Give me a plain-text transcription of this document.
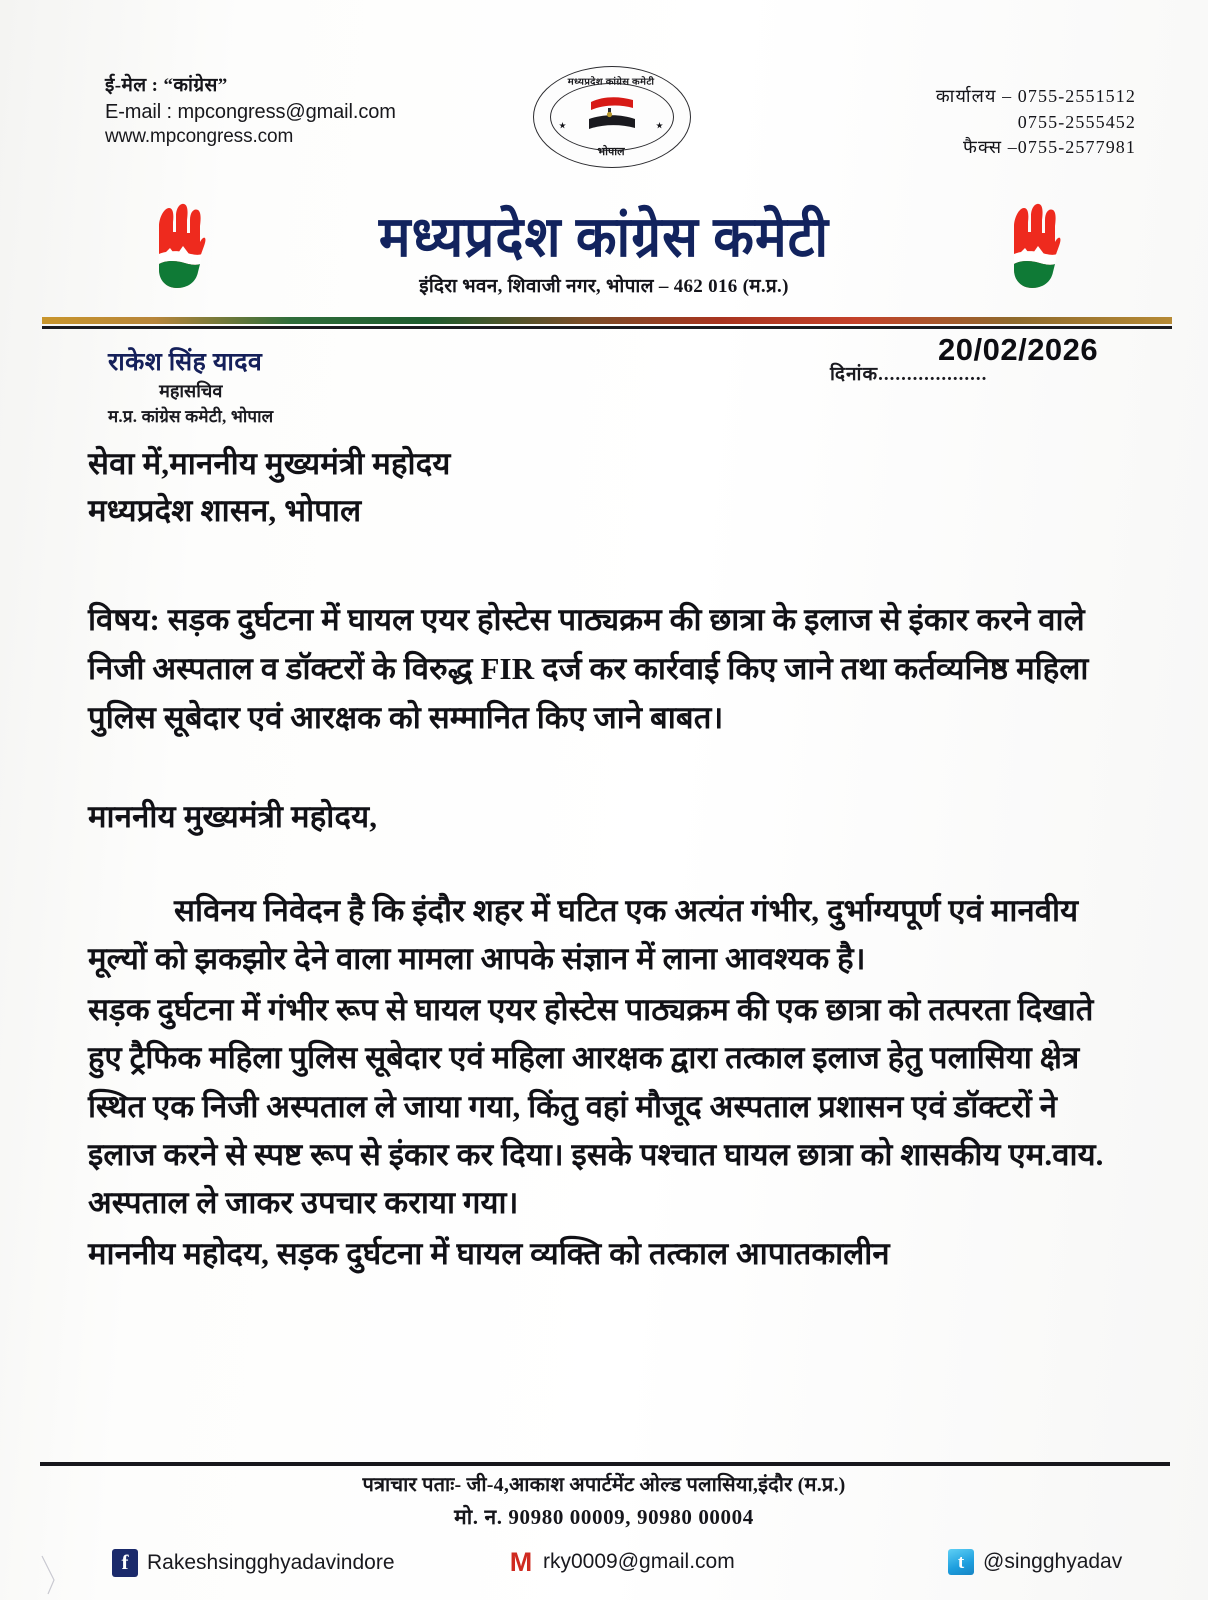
ई-मेल : “कांग्रेस”
E-mail : mpcongress@gmail.com
www.mpcongress.com
कार्यालय – 0755-2551512
0755-2555452
फैक्स –0755-2577981
मध्यप्रदेश कांग्रेस कमेटी
भोपाल
मध्यप्रदेश कांग्रेस कमेटी
इंदिरा भवन, शिवाजी नगर, भोपाल – 462 016 (म.प्र.)
राकेश सिंह यादव
महासचिव
म.प्र. कांग्रेस कमेटी, भोपाल
दिनांक...................
20/02/2026
सेवा में,माननीय मुख्यमंत्री महोदय
मध्यप्रदेश शासन, भोपाल
विषय: सड़क दुर्घटना में घायल एयर होस्टेस पाठ्यक्रम की छात्रा के इलाज से इंकार करने वाले निजी अस्पताल व डॉक्टरों के विरुद्ध FIR दर्ज कर कार्रवाई किए जाने तथा कर्तव्यनिष्ठ महिला पुलिस सूबेदार एवं आरक्षक को सम्मानित किए जाने बाबत।
माननीय मुख्यमंत्री महोदय,
सविनय निवेदन है कि इंदौर शहर में घटित एक अत्यंत गंभीर, दुर्भाग्यपूर्ण एवं मानवीय मूल्यों को झकझोर देने वाला मामला आपके संज्ञान में लाना आवश्यक है।
सड़क दुर्घटना में गंभीर रूप से घायल एयर होस्टेस पाठ्यक्रम की एक छात्रा को तत्परता दिखाते हुए ट्रैफिक महिला पुलिस सूबेदार एवं महिला आरक्षक द्वारा तत्काल इलाज हेतु पलासिया क्षेत्र स्थित एक निजी अस्पताल ले जाया गया, किंतु वहां मौजूद अस्पताल प्रशासन एवं डॉक्टरों ने इलाज करने से स्पष्ट रूप से इंकार कर दिया। इसके पश्चात घायल छात्रा को शासकीय एम.वाय. अस्पताल ले जाकर उपचार कराया गया।
माननीय महोदय, सड़क दुर्घटना में घायल व्यक्ति को तत्काल आपातकालीन
पत्राचार पताः- जी-4,आकाश अपार्टमेंट ओल्ड पलासिया,इंदौर (म.प्र.)
मो. न. 90980 00009, 90980 00004
f Rakeshsingghyadavindore	M rky0009@gmail.com	t @singghyadav
